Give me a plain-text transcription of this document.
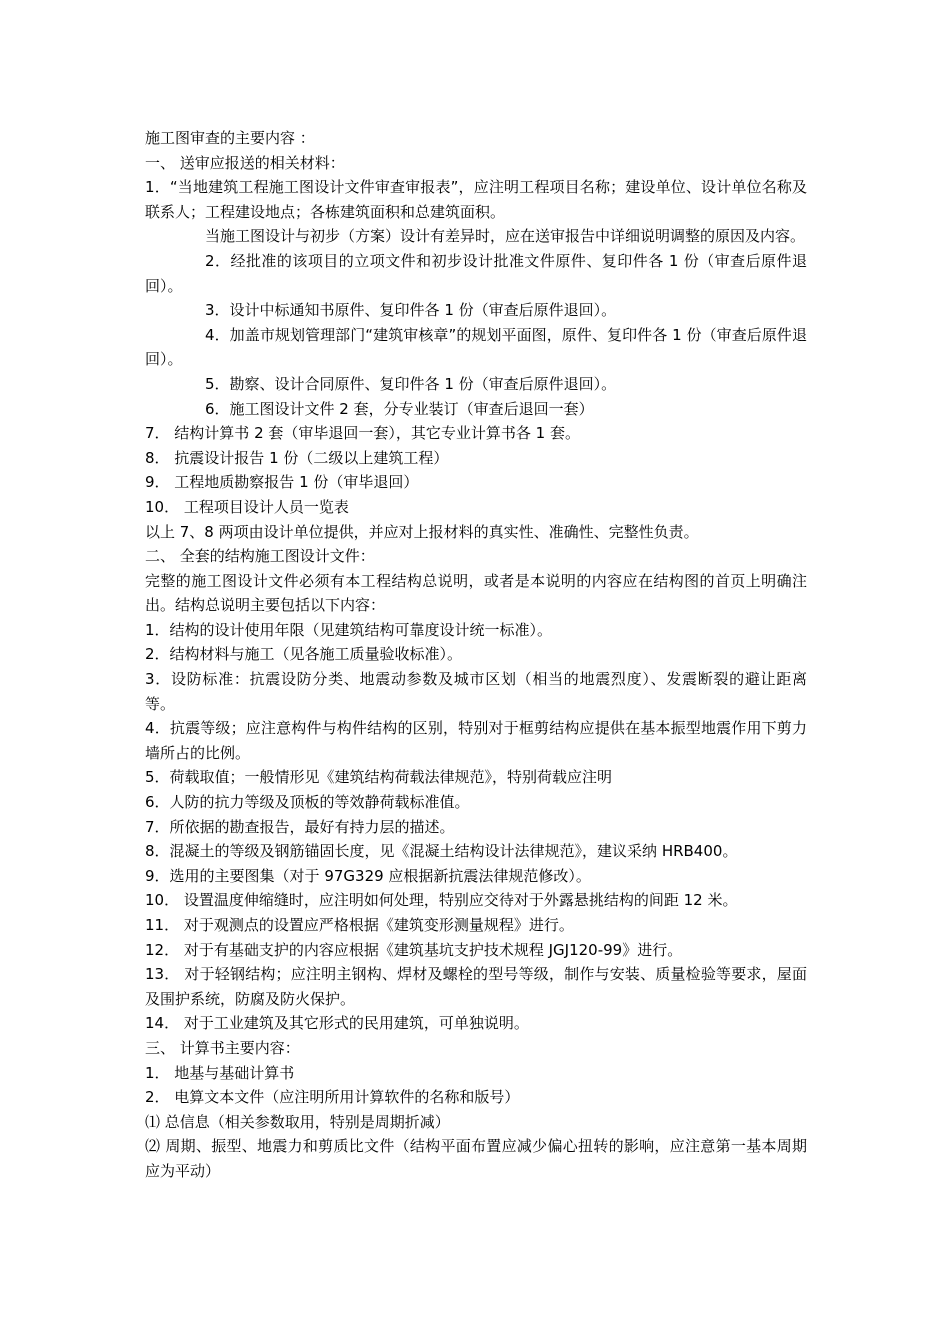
施工图审查的主要内容 ：

一、 送审应报送的相关材料：

1．“当地建筑工程施工图设计文件审查审报表”，应注明工程项目名称；建设单位、设计单位名称及联系人；工程建设地点；各栋建筑面积和总建筑面积。

当施工图设计与初步（方案）设计有差异时，应在送审报告中详细说明调整的原因及内容。

2．经批准的该项目的立项文件和初步设计批准文件原件、复印件各 1 份（审查后原件退回）。

3．设计中标通知书原件、复印件各 1 份（审查后原件退回）。

4．加盖市规划管理部门“建筑审核章”的规划平面图，原件、复印件各 1 份（审查后原件退回）。

5．勘察、设计合同原件、复印件各 1 份（审查后原件退回）。

6．施工图设计文件 2 套，分专业装订（审查后退回一套）

7． 结构计算书 2 套（审毕退回一套），其它专业计算书各 1 套。

8． 抗震设计报告 1 份（二级以上建筑工程）

9． 工程地质勘察报告 1 份（审毕退回）

10． 工程项目设计人员一览表

以上 7、8 两项由设计单位提供，并应对上报材料的真实性、准确性、完整性负责。

二、 全套的结构施工图设计文件：

完整的施工图设计文件必须有本工程结构总说明，或者是本说明的内容应在结构图的首页上明确注出。结构总说明主要包括以下内容：

1．结构的设计使用年限（见建筑结构可靠度设计统一标准）。

2．结构材料与施工（见各施工质量验收标准）。

3．设防标准：抗震设防分类、地震动参数及城市区划（相当的地震烈度）、发震断裂的避让距离等。

4．抗震等级；应注意构件与构件结构的区别，特别对于框剪结构应提供在基本振型地震作用下剪力墙所占的比例。

5．荷载取值；一般情形见《建筑结构荷载法律规范》，特别荷载应注明

6．人防的抗力等级及顶板的等效静荷载标准值。

7．所依据的勘查报告，最好有持力层的描述。

8．混凝土的等级及钢筋锚固长度，见《混凝土结构设计法律规范》，建议采纳 HRB400。

9．选用的主要图集（对于 97G329 应根据新抗震法律规范修改）。

10． 设置温度伸缩缝时，应注明如何处理，特别应交待对于外露悬挑结构的间距 12 米。

11． 对于观测点的设置应严格根据《建筑变形测量规程》进行。

12． 对于有基础支护的内容应根据《建筑基坑支护技术规程 JGJ120-99》进行。

13． 对于轻钢结构；应注明主钢构、焊材及螺栓的型号等级，制作与安装、质量检验等要求，屋面及围护系统，防腐及防火保护。

14． 对于工业建筑及其它形式的民用建筑，可单独说明。

三、 计算书主要内容：

1． 地基与基础计算书

2． 电算文本文件（应注明所用计算软件的名称和版号）

⑴ 总信息（相关参数取用，特别是周期折减）

⑵ 周期、振型、地震力和剪质比文件（结构平面布置应减少偏心扭转的影响，应注意第一基本周期应为平动）
